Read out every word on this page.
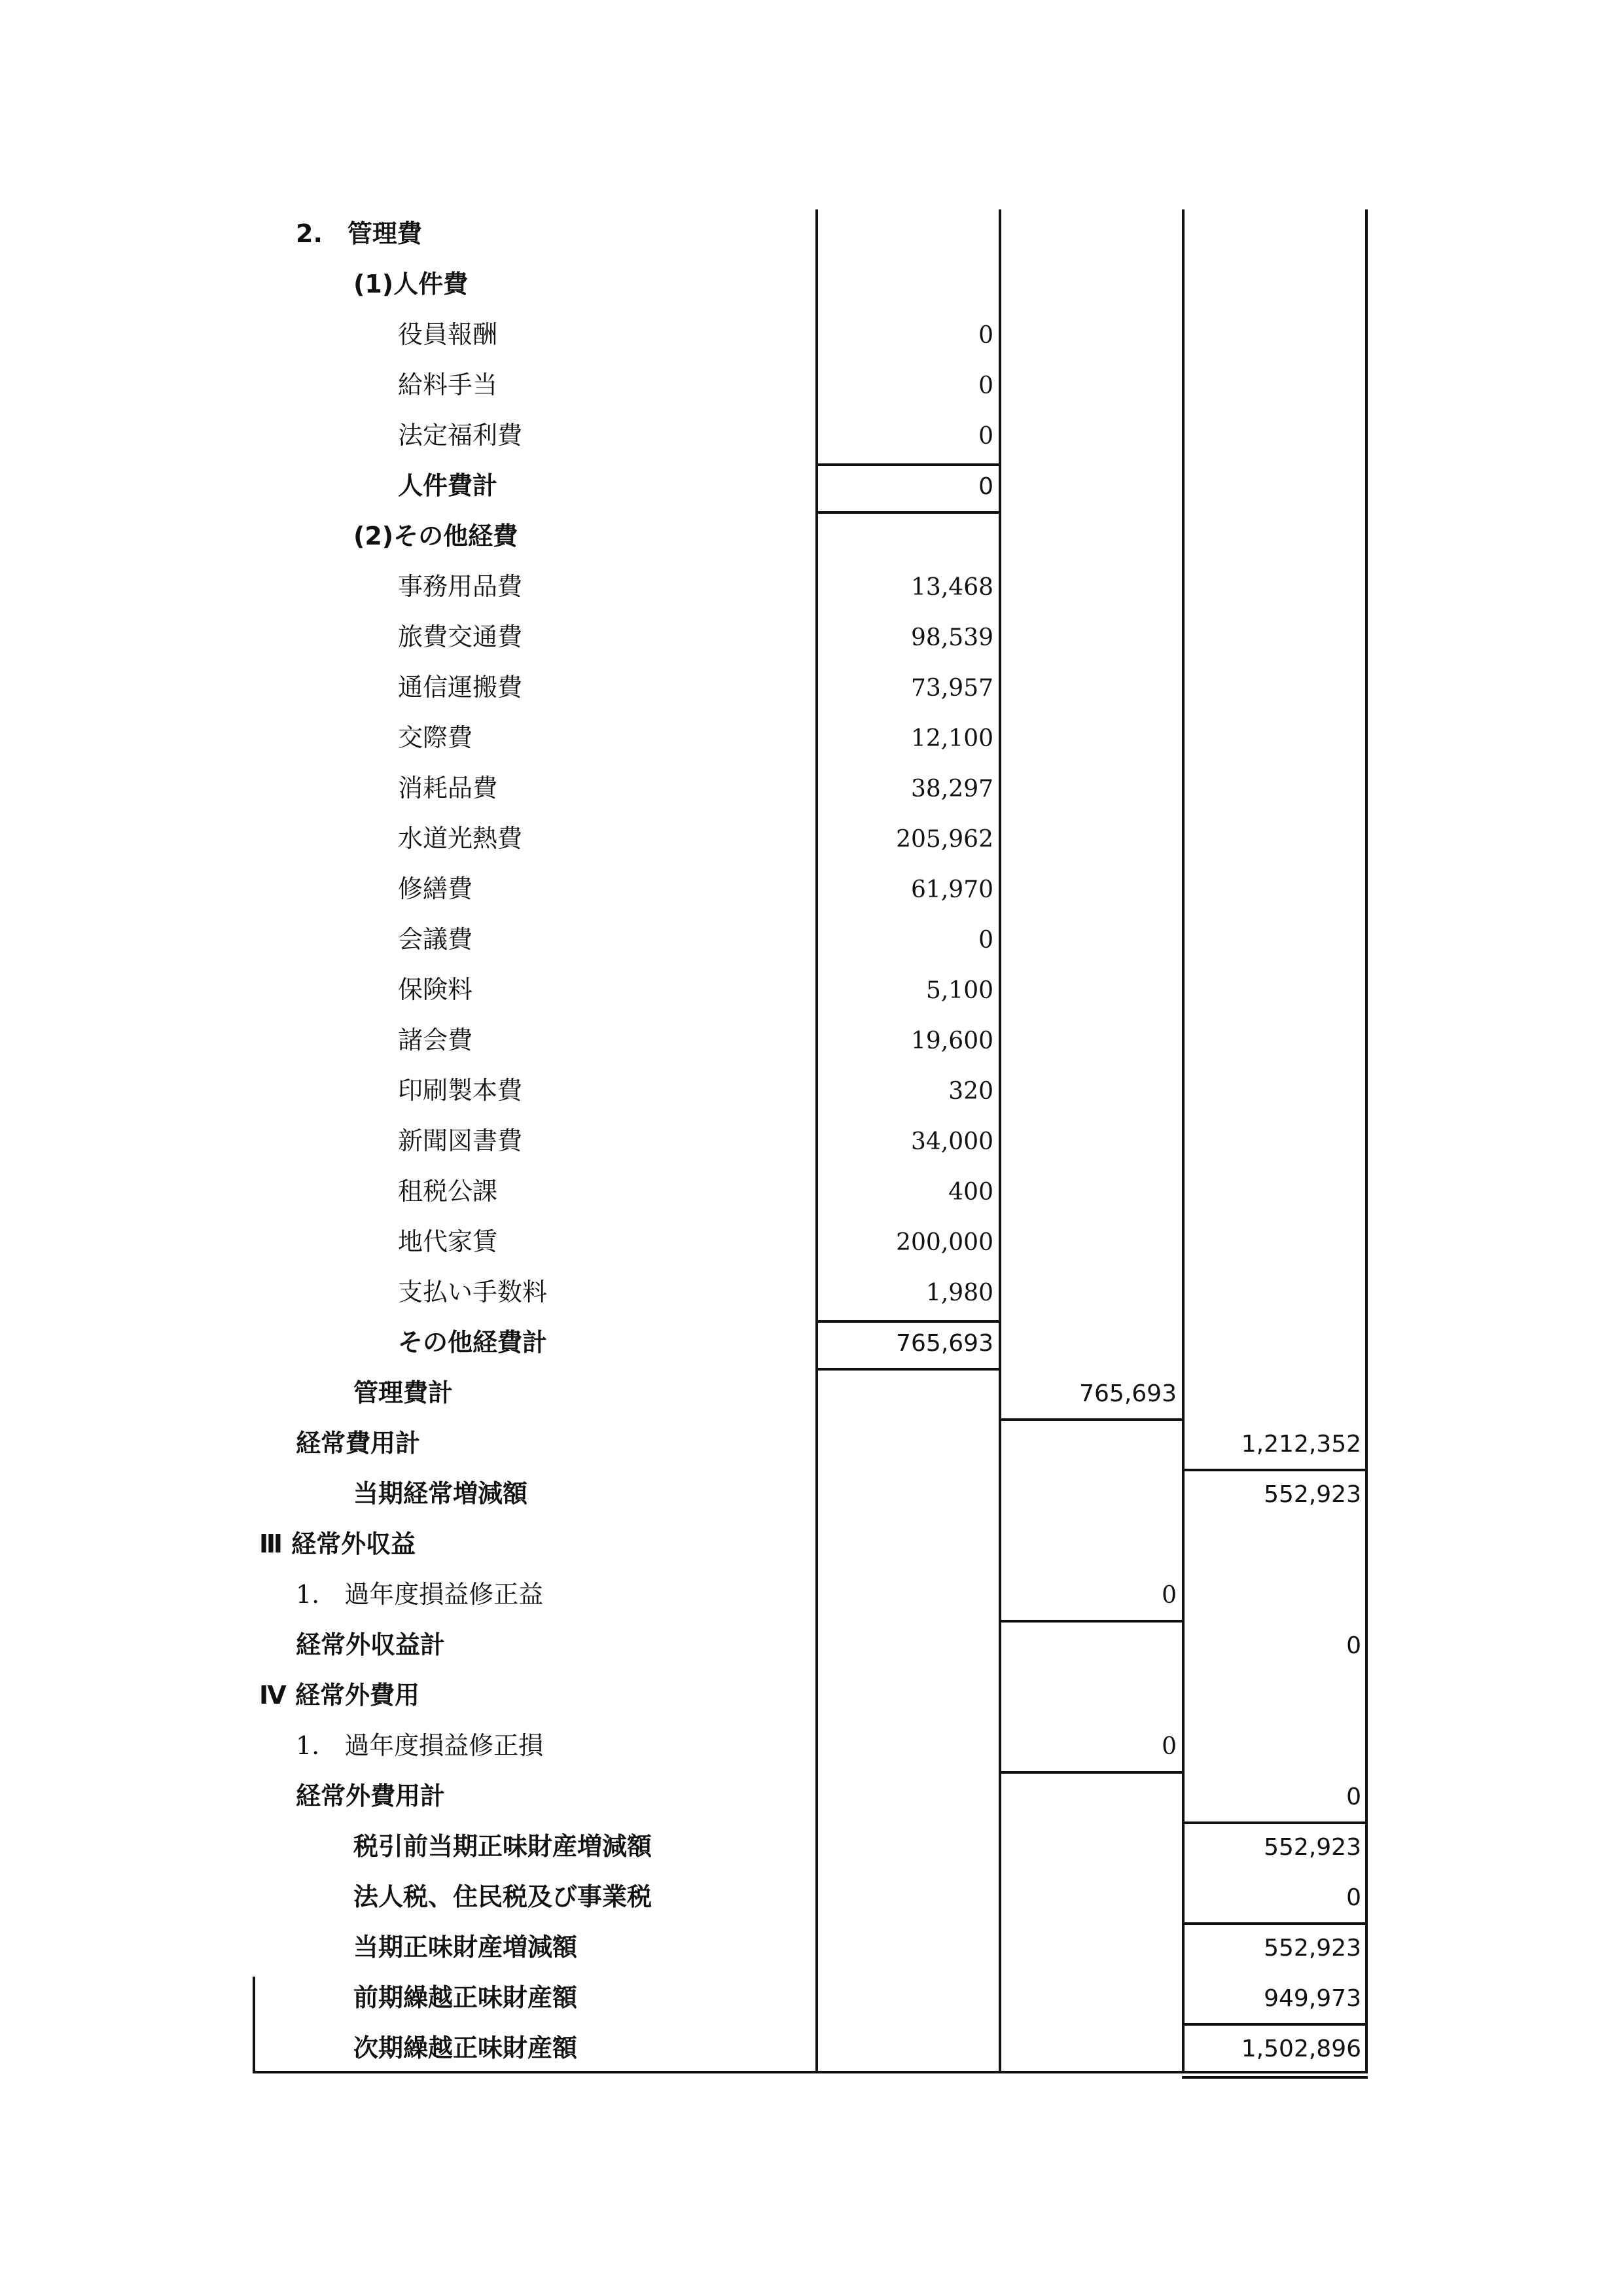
2.　管理費
(1)人件費
役員報酬	0
給料手当	0
法定福利費	0
人件費計	0
(2)その他経費
事務用品費	13,468
旅費交通費	98,539
通信運搬費	73,957
交際費	12,100
消耗品費	38,297
水道光熱費	205,962
修繕費	61,970
会議費	0
保険料	5,100
諸会費	19,600
印刷製本費	320
新聞図書費	34,000
租税公課	400
地代家賃	200,000
支払い手数料	1,980
その他経費計	765,693
管理費計	765,693
経常費用計	1,212,352
当期経常増減額	552,923
Ⅲ 経常外収益
1.　過年度損益修正益	0
経常外収益計	0
Ⅳ 経常外費用
1.　過年度損益修正損	0
経常外費用計	0
税引前当期正味財産増減額	552,923
法人税、住民税及び事業税	0
当期正味財産増減額	552,923
前期繰越正味財産額	949,973
次期繰越正味財産額	1,502,896
